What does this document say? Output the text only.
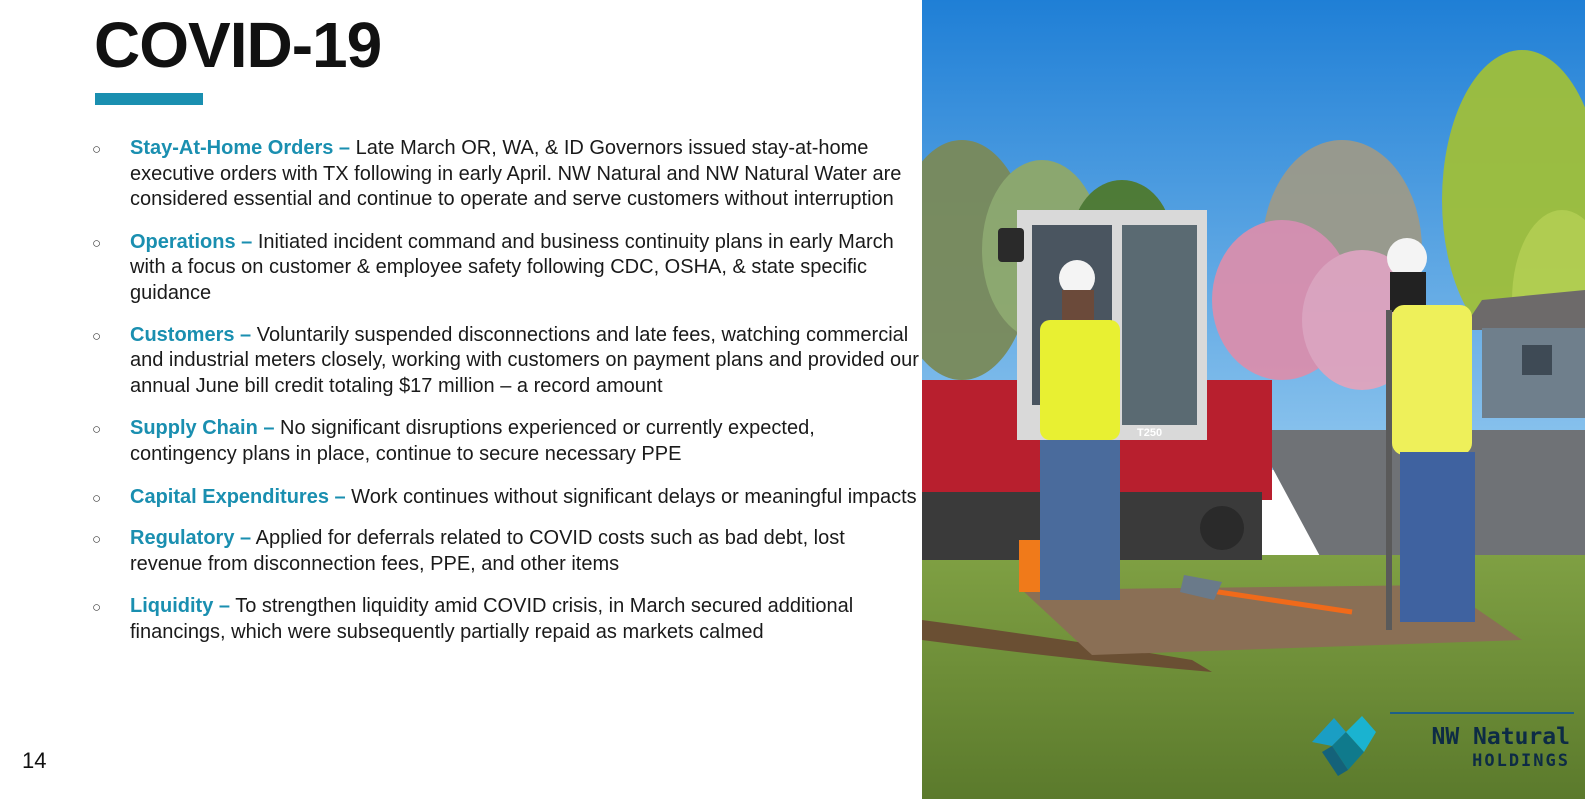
COVID-19
○ Stay-At-Home Orders – Late March OR, WA, & ID Governors issued stay-at-home executive orders with TX following in early April. NW Natural and NW Natural Water are considered essential and continue to operate and serve customers without interruption
○ Operations – Initiated incident command and business continuity plans in early March with a focus on customer & employee safety following CDC, OSHA, & state specific guidance
○ Customers – Voluntarily suspended disconnections and late fees, watching commercial and industrial meters closely, working with customers on payment plans and provided our annual June bill credit totaling $17 million – a record amount
○ Supply Chain – No significant disruptions experienced or currently expected, contingency plans in place, continue to secure necessary PPE
○ Capital Expenditures – Work continues without significant delays or meaningful impacts
○ Regulatory – Applied for deferrals related to COVID costs such as bad debt, lost revenue from disconnection fees, PPE, and other items
○ Liquidity – To strengthen liquidity amid COVID crisis, in March secured additional financings, which were subsequently partially repaid as markets calmed
14
T250
NW Natural
HOLDINGS
